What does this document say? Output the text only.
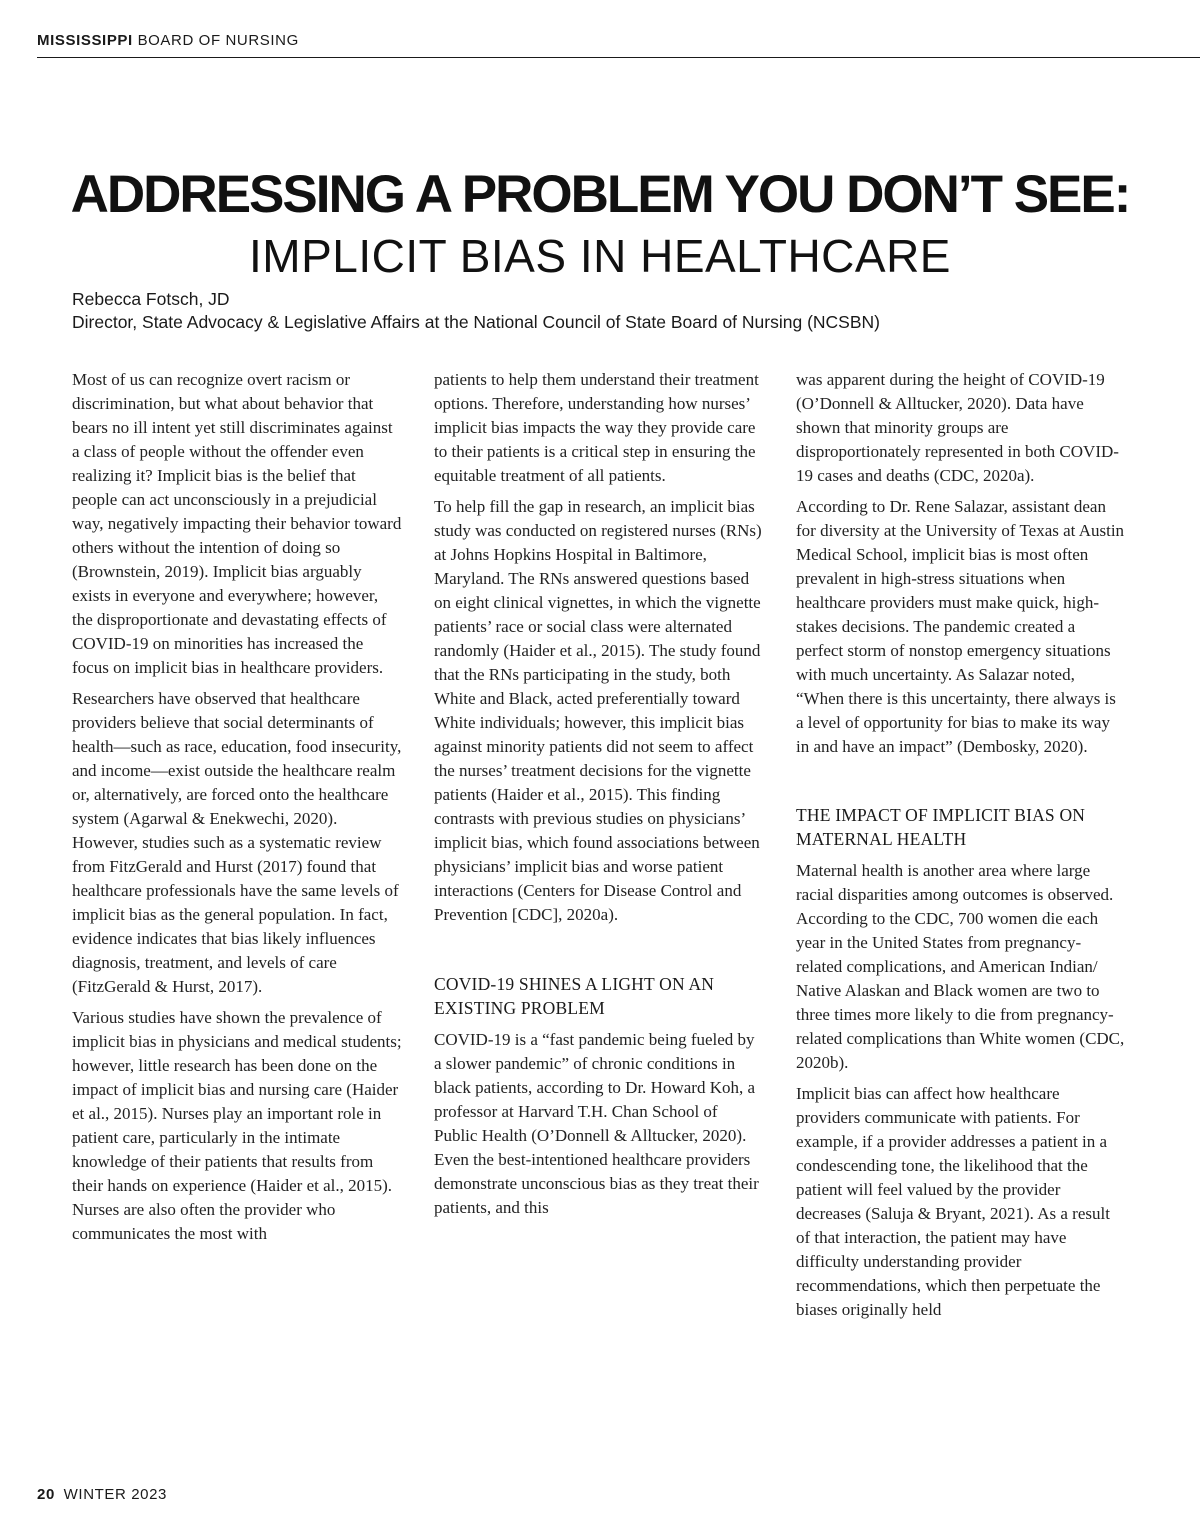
MISSISSIPPI BOARD OF NURSING
ADDRESSING A PROBLEM YOU DON’T SEE:
IMPLICIT BIAS IN HEALTHCARE
Rebecca Fotsch, JD
Director, State Advocacy & Legislative Affairs at the National Council of State Board of Nursing (NCSBN)

Most of us can recognize overt racism or discrimination, but what about behavior that bears no ill intent yet still discriminates against a class of people without the offender even realizing it? Implicit bias is the belief that people can act unconsciously in a prejudicial way, negatively impacting their behavior toward others without the intention of doing so (Brownstein, 2019). Implicit bias arguably exists in everyone and everywhere; however, the disproportionate and devastating effects of COVID-19 on minorities has increased the focus on implicit bias in healthcare providers.

Researchers have observed that healthcare providers believe that social determinants of health—such as race, education, food insecurity, and income—exist outside the healthcare realm or, alternatively, are forced onto the healthcare system (Agarwal & Enekwechi, 2020). However, studies such as a systematic review from FitzGerald and Hurst (2017) found that healthcare professionals have the same levels of implicit bias as the general population. In fact, evidence indicates that bias likely influences diagnosis, treatment, and levels of care (FitzGerald & Hurst, 2017).

Various studies have shown the prevalence of implicit bias in physicians and medical students; however, little research has been done on the impact of implicit bias and nursing care (Haider et al., 2015). Nurses play an important role in patient care, particularly in the intimate knowledge of their patients that results from their hands on experience (Haider et al., 2015). Nurses are also often the provider who communicates the most with

patients to help them understand their treatment options. Therefore, understanding how nurses’ implicit bias impacts the way they provide care to their patients is a critical step in ensuring the equitable treatment of all patients.

To help fill the gap in research, an implicit bias study was conducted on registered nurses (RNs) at Johns Hopkins Hospital in Baltimore, Maryland. The RNs answered questions based on eight clinical vignettes, in which the vignette patients’ race or social class were alternated randomly (Haider et al., 2015). The study found that the RNs participating in the study, both White and Black, acted preferentially toward White individuals; however, this implicit bias against minority patients did not seem to affect the nurses’ treatment decisions for the vignette patients (Haider et al., 2015). This finding contrasts with previous studies on physicians’ implicit bias, which found associations between physicians’ implicit bias and worse patient interactions (Centers for Disease Control and Prevention [CDC], 2020a).

COVID-19 SHINES A LIGHT ON AN EXISTING PROBLEM

COVID-19 is a “fast pandemic being fueled by a slower pandemic” of chronic conditions in black patients, according to Dr. Howard Koh, a professor at Harvard T.H. Chan School of Public Health (O’Donnell & Alltucker, 2020). Even the best-intentioned healthcare providers demonstrate unconscious bias as they treat their patients, and this

was apparent during the height of COVID-19 (O’Donnell & Alltucker, 2020). Data have shown that minority groups are disproportionately represented in both COVID-19 cases and deaths (CDC, 2020a).

According to Dr. Rene Salazar, assistant dean for diversity at the University of Texas at Austin Medical School, implicit bias is most often prevalent in high-stress situations when healthcare providers must make quick, high-stakes decisions. The pandemic created a perfect storm of nonstop emergency situations with much uncertainty. As Salazar noted, “When there is this uncertainty, there always is a level of opportunity for bias to make its way in and have an impact” (Dembosky, 2020).

THE IMPACT OF IMPLICIT BIAS ON MATERNAL HEALTH

Maternal health is another area where large racial disparities among outcomes is observed. According to the CDC, 700 women die each year in the United States from pregnancy-related complications, and American Indian/ Native Alaskan and Black women are two to three times more likely to die from pregnancy-related complications than White women (CDC, 2020b).

Implicit bias can affect how healthcare providers communicate with patients. For example, if a provider addresses a patient in a condescending tone, the likelihood that the patient will feel valued by the provider decreases (Saluja & Bryant, 2021). As a result of that interaction, the patient may have difficulty understanding provider recommendations, which then perpetuate the biases originally held

20 WINTER 2023
